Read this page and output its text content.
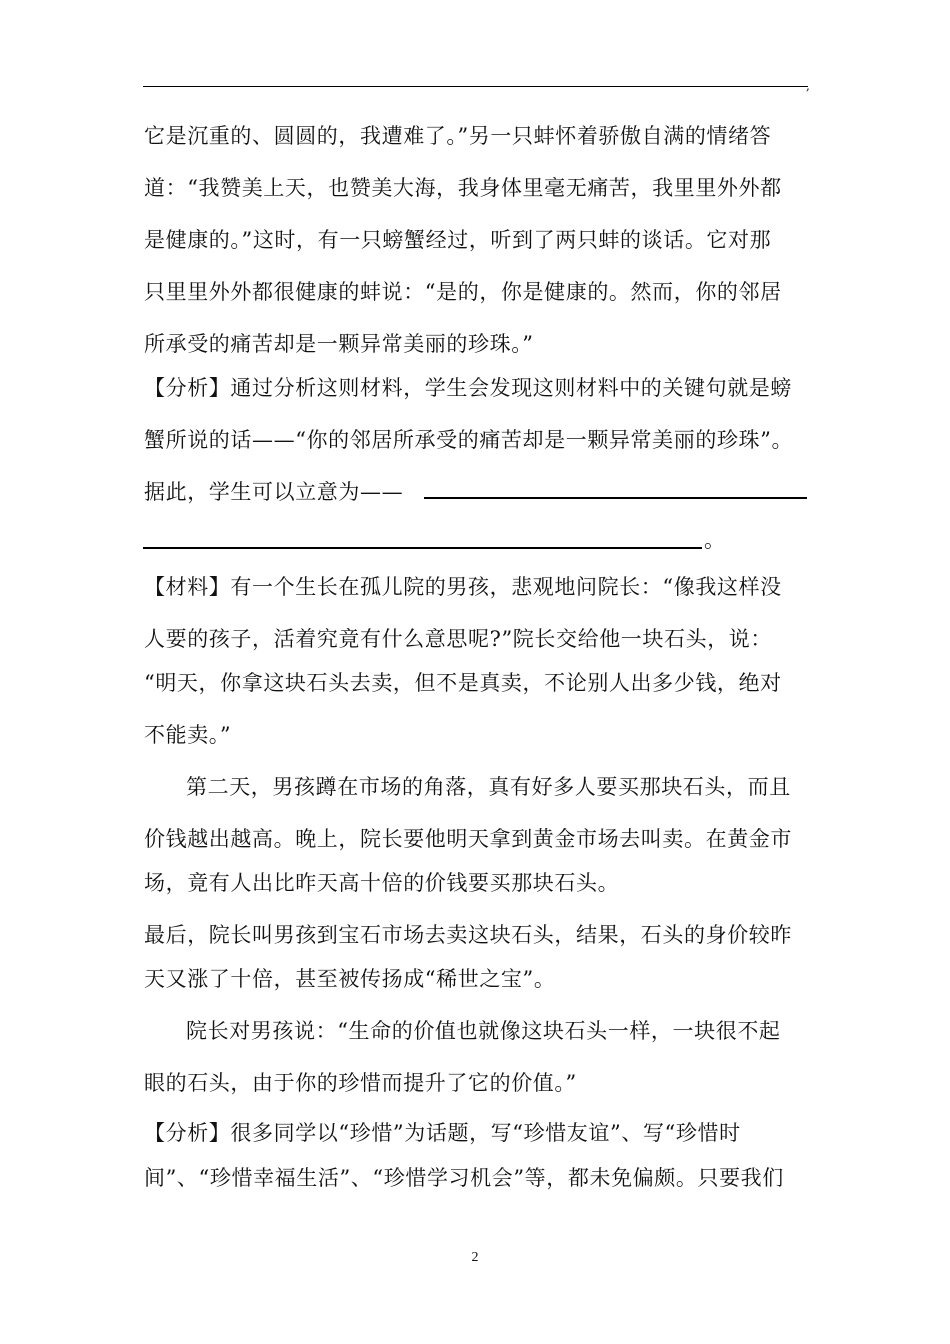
,
它是沉重的、圆圆的，我遭难了。”另一只蚌怀着骄傲自满的情绪答
道：“我赞美上天，也赞美大海，我身体里毫无痛苦，我里里外外都
是健康的。”这时，有一只螃蟹经过，听到了两只蚌的谈话。它对那
只里里外外都很健康的蚌说：“是的，你是健康的。然而，你的邻居
所承受的痛苦却是一颗异常美丽的珍珠。”
【分析】通过分析这则材料，学生会发现这则材料中的关键句就是螃
蟹所说的话——“你的邻居所承受的痛苦却是一颗异常美丽的珍珠”。
据此，学生可以立意为——
。
【材料】有一个生长在孤儿院的男孩，悲观地问院长：“像我这样没
人要的孩子，活着究竟有什么意思呢?”院长交给他一块石头，说：
“明天，你拿这块石头去卖，但不是真卖，不论别人出多少钱，绝对
不能卖。”
第二天，男孩蹲在市场的角落，真有好多人要买那块石头，而且
价钱越出越高。晚上，院长要他明天拿到黄金市场去叫卖。在黄金市
场，竟有人出比昨天高十倍的价钱要买那块石头。
最后，院长叫男孩到宝石市场去卖这块石头，结果，石头的身价较昨
天又涨了十倍，甚至被传扬成“稀世之宝”。
院长对男孩说：“生命的价值也就像这块石头一样，一块很不起
眼的石头，由于你的珍惜而提升了它的价值。”
【分析】很多同学以“珍惜”为话题，写“珍惜友谊”、写“珍惜时
间”、“珍惜幸福生活”、“珍惜学习机会”等，都未免偏颇。只要我们
2
